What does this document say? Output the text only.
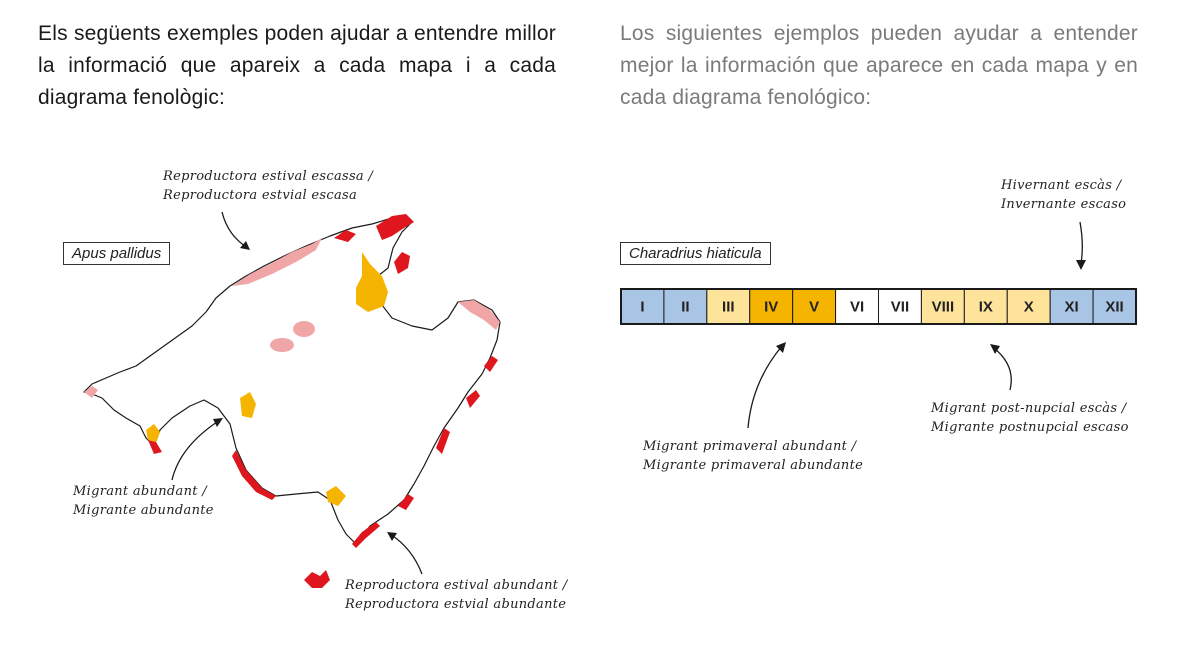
Els següents exemples poden ajudar a entendre millor la informació que apareix a cada mapa i a cada diagrama fenològic:
Los siguientes ejemplos pueden ayudar a entender mejor la información que aparece en cada mapa y en cada diagrama fenológico:
I II III IV V VI VII VIII IX X XI XII
Apus pallidus
Reproductora estival escassa /
Reproductora estvial escasa
Migrant abundant /
Migrante abundante
Reproductora estival abundant /
Reproductora estvial abundante
Charadrius hiaticula
Hivernant escàs /
Invernante escaso
Migrant primaveral abundant /
Migrante primaveral abundante
Migrant post-nupcial escàs /
Migrante postnupcial escaso
